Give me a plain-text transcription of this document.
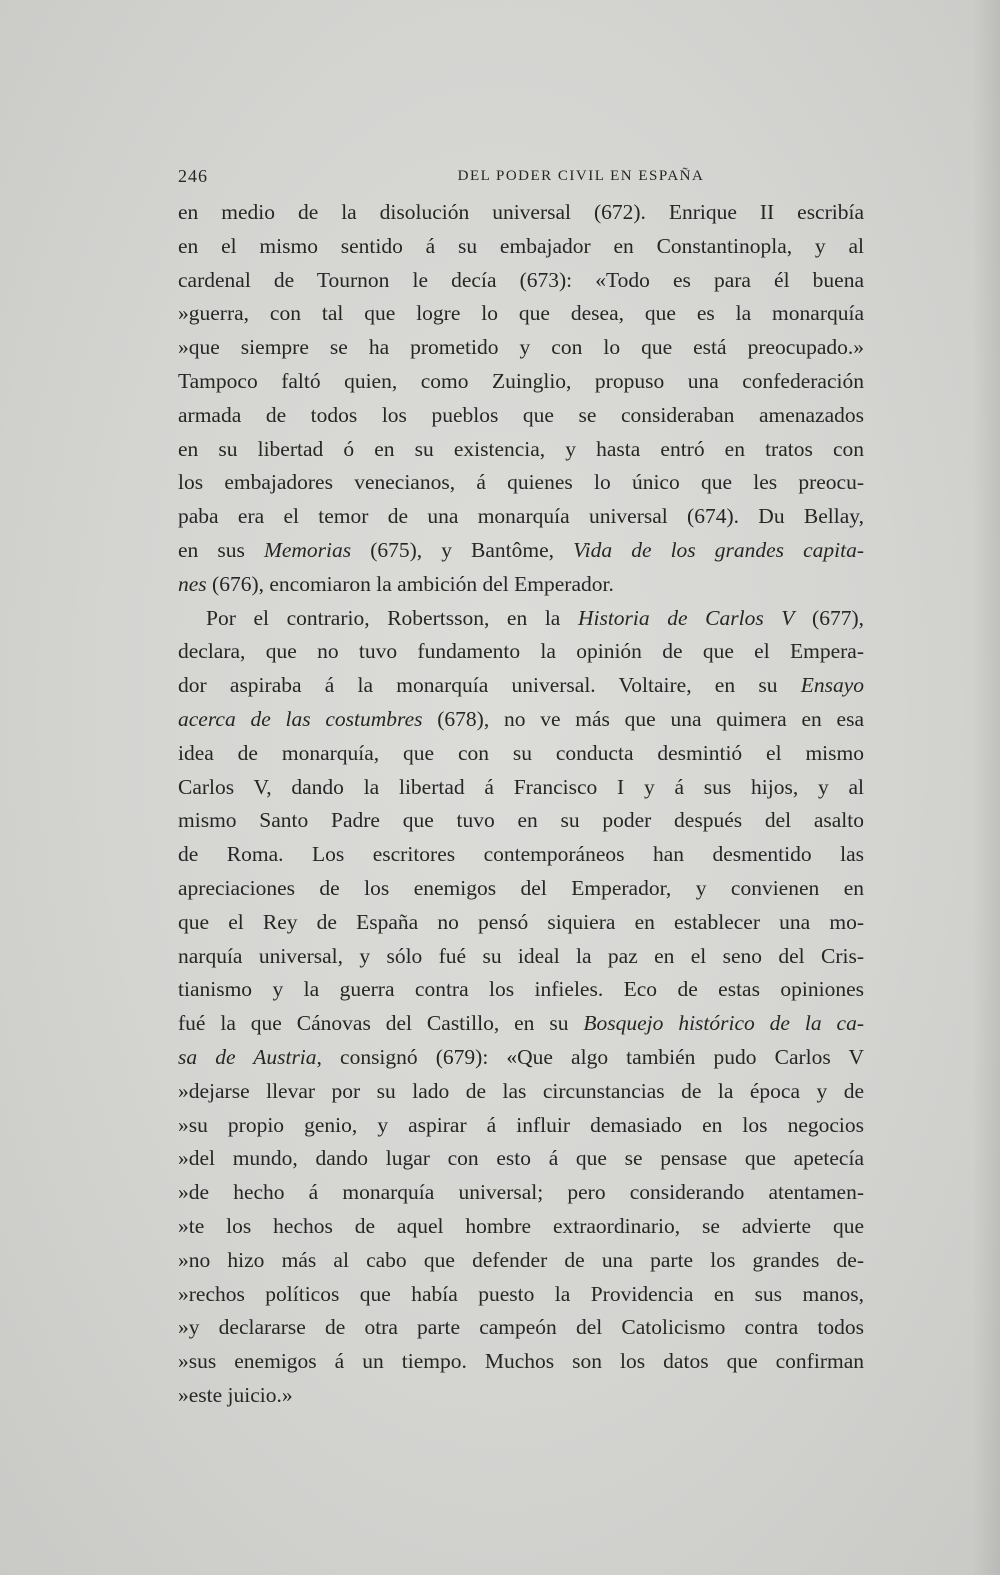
246	DEL PODER CIVIL EN ESPAÑA
en medio de la disolución universal (672). Enrique II escribía
en el mismo sentido á su embajador en Constantinopla, y al
cardenal de Tournon le decía (673): «Todo es para él buena
»guerra, con tal que logre lo que desea, que es la monarquía
»que siempre se ha prometido y con lo que está preocupado.»
Tampoco faltó quien, como Zuinglio, propuso una confederación
armada de todos los pueblos que se consideraban amenazados
en su libertad ó en su existencia, y hasta entró en tratos con
los embajadores venecianos, á quienes lo único que les preocu-
paba era el temor de una monarquía universal (674). Du Bellay,
en sus Memorias (675), y Bantôme, Vida de los grandes capita-
nes (676), encomiaron la ambición del Emperador.
Por el contrario, Robertsson, en la Historia de Carlos V (677),
declara, que no tuvo fundamento la opinión de que el Empera-
dor aspiraba á la monarquía universal. Voltaire, en su Ensayo
acerca de las costumbres (678), no ve más que una quimera en esa
idea de monarquía, que con su conducta desmintió el mismo
Carlos V, dando la libertad á Francisco I y á sus hijos, y al
mismo Santo Padre que tuvo en su poder después del asalto
de Roma. Los escritores contemporáneos han desmentido las
apreciaciones de los enemigos del Emperador, y convienen en
que el Rey de España no pensó siquiera en establecer una mo-
narquía universal, y sólo fué su ideal la paz en el seno del Cris-
tianismo y la guerra contra los infieles. Eco de estas opiniones
fué la que Cánovas del Castillo, en su Bosquejo histórico de la ca-
sa de Austria, consignó (679): «Que algo también pudo Carlos V
»dejarse llevar por su lado de las circunstancias de la época y de
»su propio genio, y aspirar á influir demasiado en los negocios
»del mundo, dando lugar con esto á que se pensase que apetecía
»de hecho á monarquía universal; pero considerando atentamen-
»te los hechos de aquel hombre extraordinario, se advierte que
»no hizo más al cabo que defender de una parte los grandes de-
»rechos políticos que había puesto la Providencia en sus manos,
»y declararse de otra parte campeón del Catolicismo contra todos
»sus enemigos á un tiempo. Muchos son los datos que confirman
»este juicio.»
